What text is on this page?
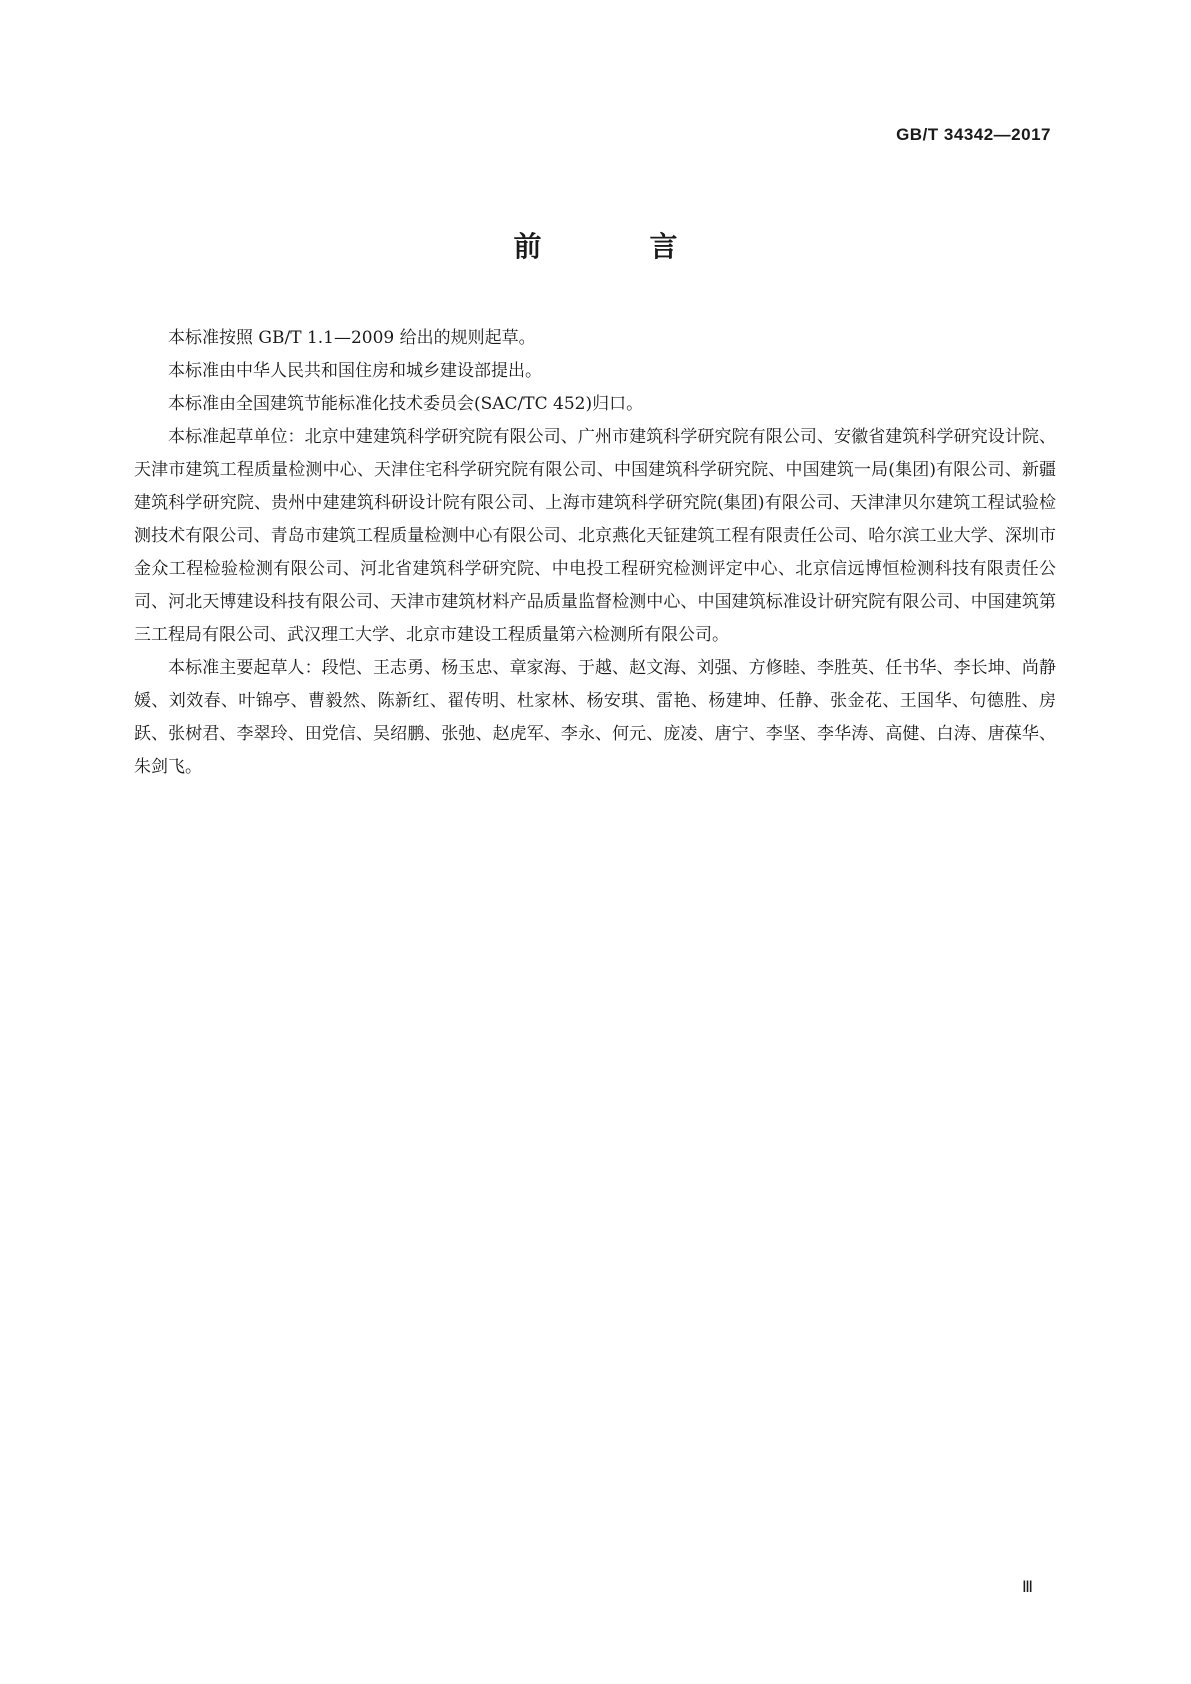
GB/T 34342—2017
前　言

本标准按照 GB/T 1.1—2009 给出的规则起草。

本标准由中华人民共和国住房和城乡建设部提出。

本标准由全国建筑节能标准化技术委员会(SAC/TC 452)归口。

本标准起草单位：北京中建建筑科学研究院有限公司、广州市建筑科学研究院有限公司、安徽省建筑科学研究设计院、天津市建筑工程质量检测中心、天津住宅科学研究院有限公司、中国建筑科学研究院、中国建筑一局(集团)有限公司、新疆建筑科学研究院、贵州中建建筑科研设计院有限公司、上海市建筑科学研究院(集团)有限公司、天津津贝尔建筑工程试验检测技术有限公司、青岛市建筑工程质量检测中心有限公司、北京燕化天钲建筑工程有限责任公司、哈尔滨工业大学、深圳市金众工程检验检测有限公司、河北省建筑科学研究院、中电投工程研究检测评定中心、北京信远博恒检测科技有限责任公司、河北天博建设科技有限公司、天津市建筑材料产品质量监督检测中心、中国建筑标准设计研究院有限公司、中国建筑第三工程局有限公司、武汉理工大学、北京市建设工程质量第六检测所有限公司。

本标准主要起草人：段恺、王志勇、杨玉忠、章家海、于越、赵文海、刘强、方修睦、李胜英、任书华、李长坤、尚静媛、刘效春、叶锦亭、曹毅然、陈新红、翟传明、杜家林、杨安琪、雷艳、杨建坤、任静、张金花、王国华、句德胜、房跃、张树君、李翠玲、田党信、吴绍鹏、张弛、赵虎军、李永、何元、庞凌、唐宁、李坚、李华涛、高健、白涛、唐葆华、朱剑飞。

Ⅲ
